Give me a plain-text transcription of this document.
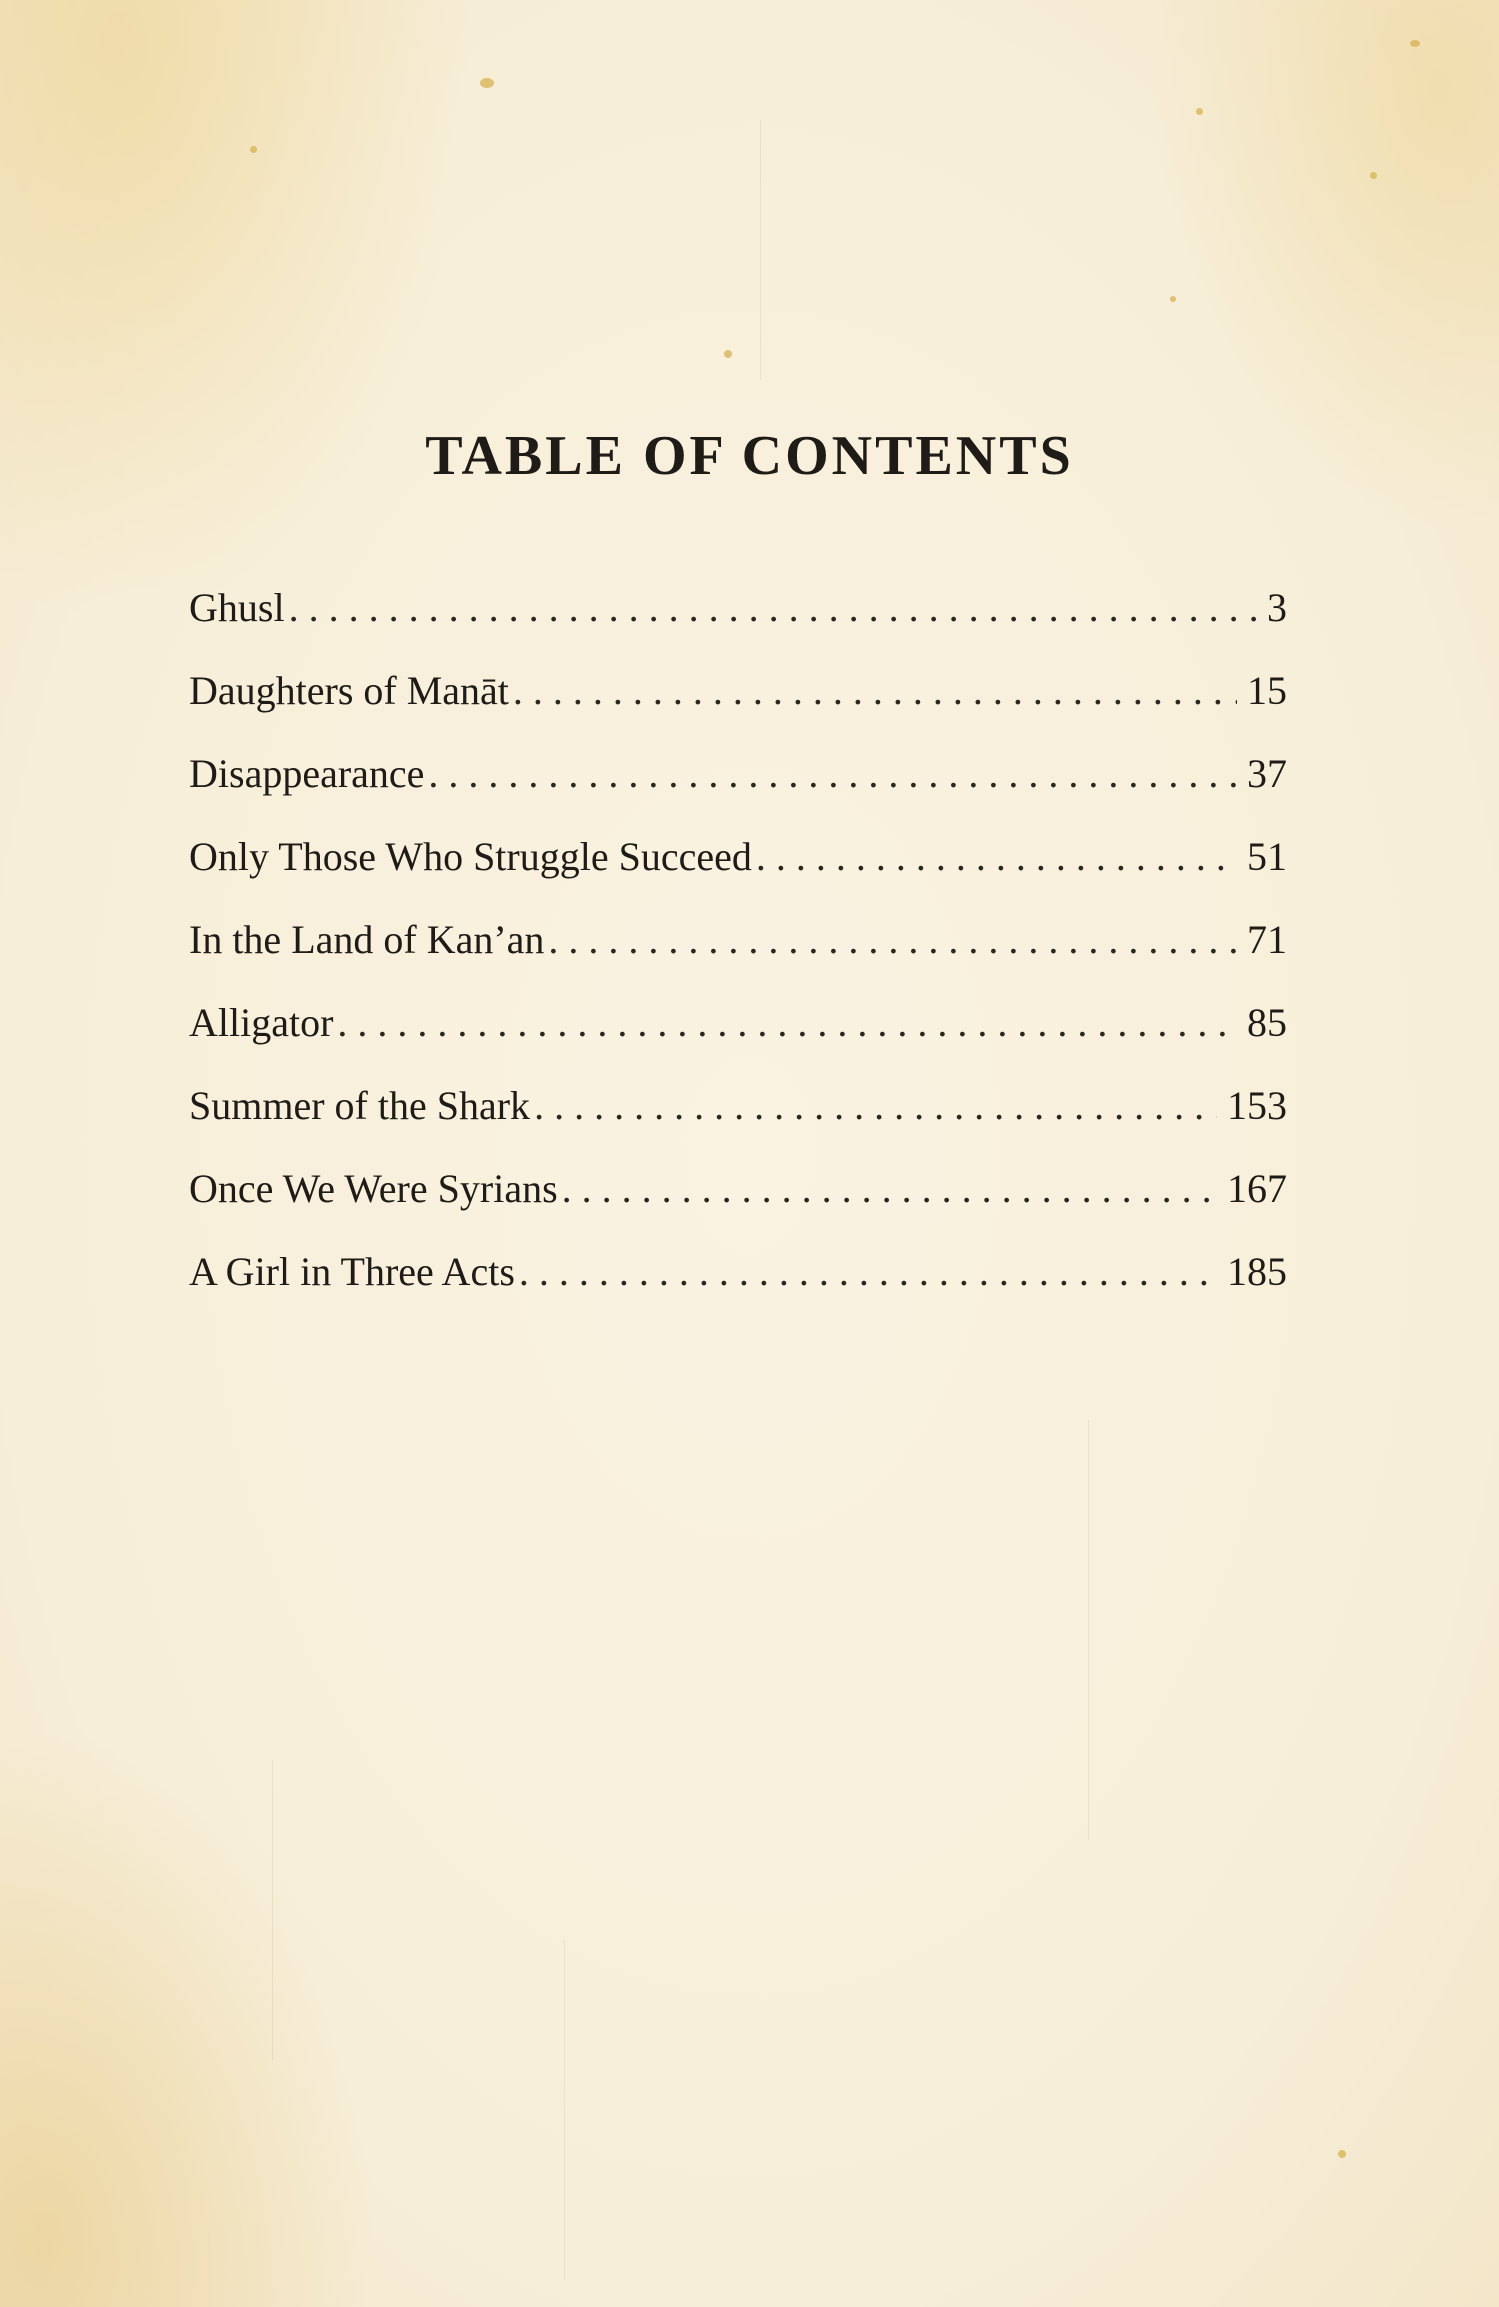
TABLE OF CONTENTS
Ghusl . . .	3
Daughters of Manāt . . .	15
Disappearance . . .	37
Only Those Who Struggle Succeed . . .	51
In the Land of Kan’an . . .	71
Alligator . . .	85
Summer of the Shark . . .	153
Once We Were Syrians . . .	167
A Girl in Three Acts . . .	185
